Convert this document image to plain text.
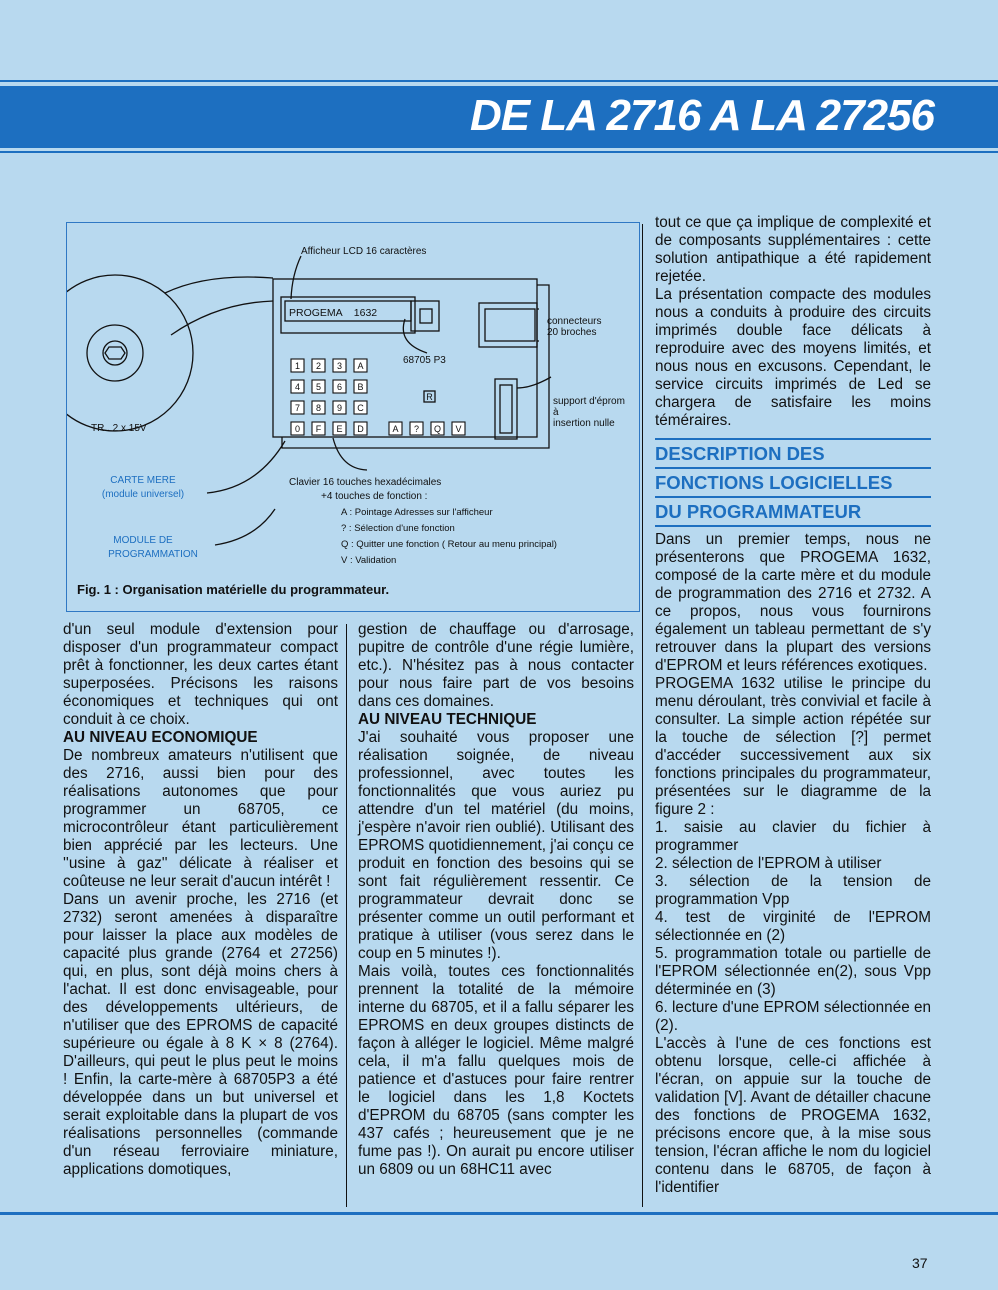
DE LA 2716 A LA 27256
1 2 3 A
4 5 6 B
7 8 9 C
0 F E D	A ? Q V
R
Afficheur LCD 16 caractères
PROGEMA    1632
68705 P3
connecteurs
20 broches
support d'éprom
à
insertion nulle
TR . 2 x 15V
Clavier 16 touches hexadécimales
+4 touches de fonction :
A : Pointage Adresses sur l'afficheur
? : Sélection d'une fonction
Q : Quitter une fonction ( Retour au menu principal)
V : Validation
CARTE MERE
(module universel)
MODULE DE
PROGRAMMATION
Fig. 1 : Organisation matérielle du programmateur.

d'un seul module d'extension pour disposer d'un programmateur compact prêt à fonctionner, les deux cartes étant superposées. Précisons les raisons économiques et techniques qui ont conduit à ce choix.

AU NIVEAU ECONOMIQUE

De nombreux amateurs n'utilisent que des 2716, aussi bien pour des réalisations autonomes que pour programmer un 68705, ce microcontrôleur étant particulièrement bien apprécié par les lecteurs. Une ''usine à gaz'' délicate à réaliser et coûteuse ne leur serait d'aucun intérêt !

Dans un avenir proche, les 2716 (et 2732) seront amenées à disparaître pour laisser la place aux modèles de capacité plus grande (2764 et 27256) qui, en plus, sont déjà moins chers à l'achat. Il est donc envisageable, pour des développements ultérieurs, de n'utiliser que des EPROMS de capacité supérieure ou égale à 8 K × 8 (2764). D'ailleurs, qui peut le plus peut le moins ! Enfin, la carte-mère à 68705P3 a été développée dans un but universel et serait exploitable dans la plupart de vos réalisations personnelles (commande d'un réseau ferroviaire miniature, applications domotiques,

gestion de chauffage ou d'arrosage, pupitre de contrôle d'une régie lumière, etc.). N'hésitez pas à nous contacter pour nous faire part de vos besoins dans ces domaines.

AU NIVEAU TECHNIQUE

J'ai souhaité vous proposer une réalisation soignée, de niveau professionnel, avec toutes les fonctionnalités que vous auriez pu attendre d'un tel matériel (du moins, j'espère n'avoir rien oublié). Utilisant des EPROMS quotidiennement, j'ai conçu ce produit en fonction des besoins qui se sont fait régulièrement ressentir. Ce programmateur devrait donc se présenter comme un outil performant et pratique à utiliser (vous serez dans le coup en 5 minutes !).

Mais voilà, toutes ces fonctionnalités prennent la totalité de la mémoire interne du 68705, et il a fallu séparer les EPROMS en deux groupes distincts de façon à alléger le logiciel. Même malgré cela, il m'a fallu quelques mois de patience et d'astuces pour faire rentrer le logiciel dans les 1,8 Koctets d'EPROM du 68705 (sans compter les 437 cafés ; heureusement que je ne fume pas !). On aurait pu encore utiliser un 6809 ou un 68HC11 avec

tout ce que ça implique de complexité et de composants supplémentaires : cette solution antipathique a été rapidement rejetée.

La présentation compacte des modules nous a conduits à produire des circuits imprimés double face délicats à reproduire avec des moyens limités, et nous nous en excusons. Cependant, le service circuits imprimés de Led se chargera de satisfaire les moins téméraires.

DESCRIPTION DES
FONCTIONS LOGICIELLES
DU PROGRAMMATEUR

Dans un premier temps, nous ne présenterons que PROGEMA 1632, composé de la carte mère et du module de programmation des 2716 et 2732. A ce propos, nous vous fournirons également un tableau permettant de s'y retrouver dans la plupart des versions d'EPROM et leurs références exotiques.

PROGEMA 1632 utilise le principe du menu déroulant, très convivial et facile à consulter. La simple action répétée sur la touche de sélection [?] permet d'accéder successivement aux six fonctions principales du programmateur, présentées sur le diagramme de la figure 2 :

1. saisie au clavier du fichier à programmer

2. sélection de l'EPROM à utiliser

3. sélection de la tension de programmation Vpp

4. test de virginité de l'EPROM sélectionnée en (2)

5. programmation totale ou partielle de l'EPROM sélectionnée en(2), sous Vpp déterminée en (3)

6. lecture d'une EPROM sélectionnée en (2).

L'accès à l'une de ces fonctions est obtenu lorsque, celle-ci affichée à l'écran, on appuie sur la touche de validation [V]. Avant de détailler chacune des fonctions de PROGEMA 1632, précisons encore que, à la mise sous tension, l'écran affiche le nom du logiciel contenu dans le 68705, de façon à l'identifier

37
